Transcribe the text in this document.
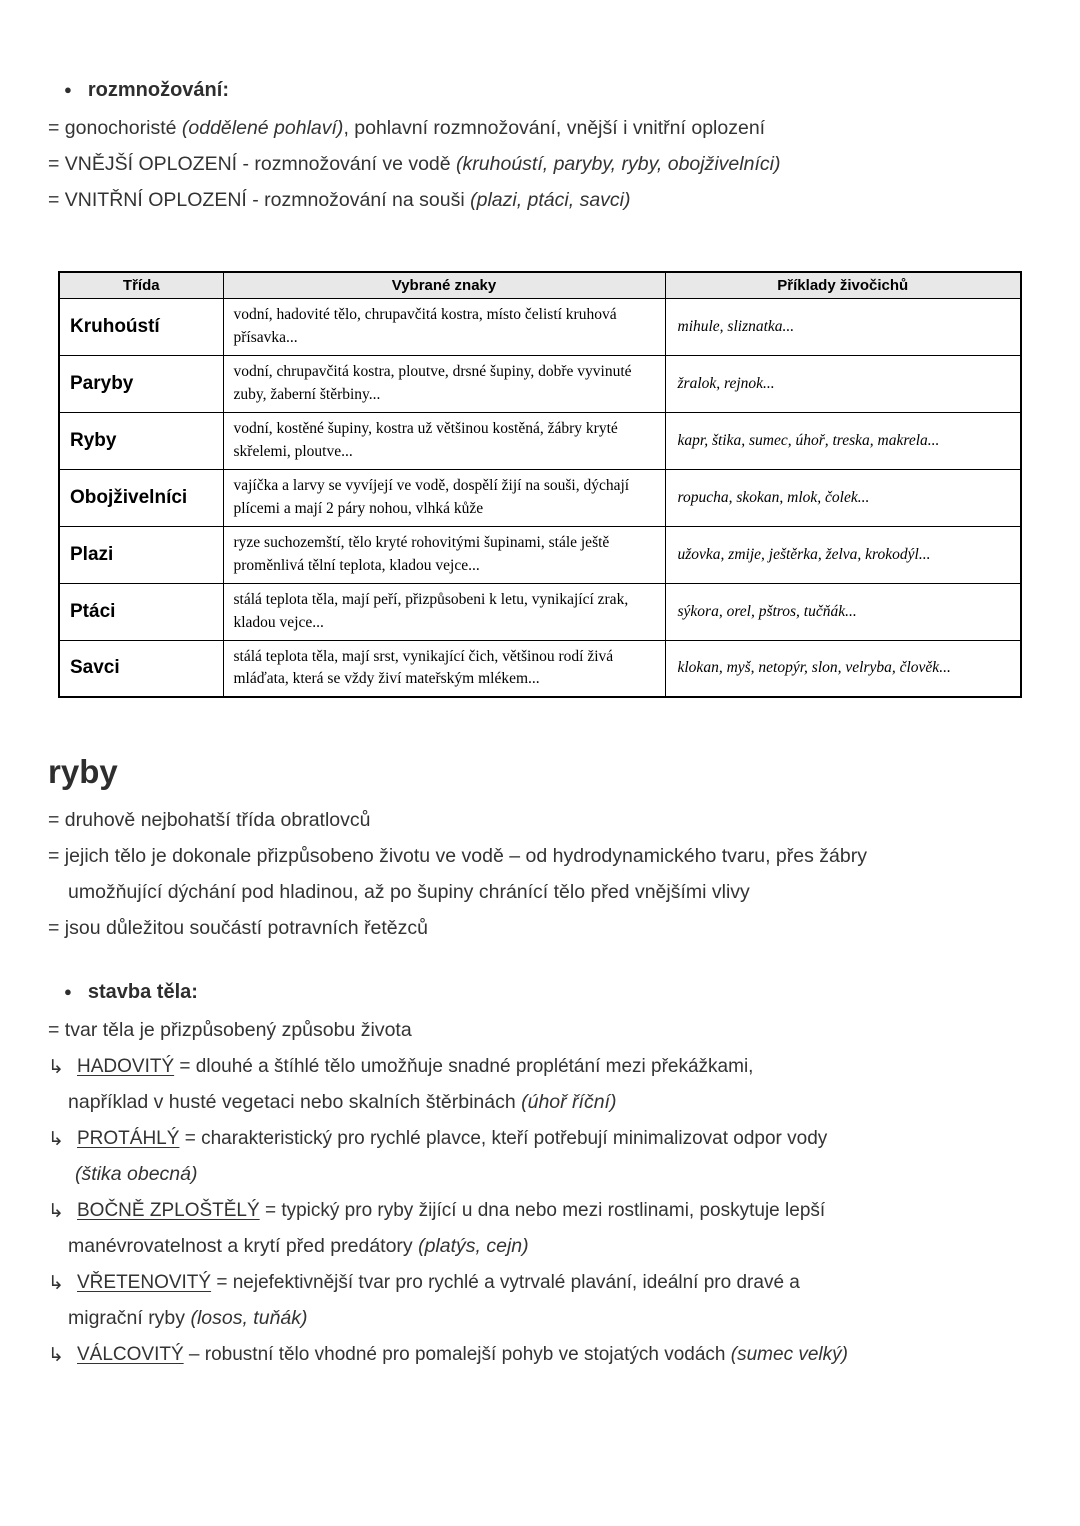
● rozmnožování:
= gonochoristé (oddělené pohlaví), pohlavní rozmnožování, vnější i vnitřní oplození
= VNĚJŠÍ OPLOZENÍ - rozmnožování ve vodě (kruhoústí, paryby, ryby, obojživelníci)
= VNITŘNÍ OPLOZENÍ - rozmnožování na souši (plazi, ptáci, savci)
Třída	Vybrané znaky	Příklady živočichů
Kruhoústí	vodní, hadovité tělo, chrupavčitá kostra, místo čelistí kruhová přísavka...	mihule, sliznatka...
Paryby	vodní, chrupavčitá kostra, ploutve, drsné šupiny, dobře vyvinuté zuby, žaberní štěrbiny...	žralok, rejnok...
Ryby	vodní, kostěné šupiny, kostra už většinou kostěná, žábry kryté skřelemi, ploutve...	kapr, štika, sumec, úhoř, treska, makrela...
Obojživelníci	vajíčka a larvy se vyvíjejí ve vodě, dospělí žijí na souši, dýchají plícemi a mají 2 páry nohou, vlhká kůže	ropucha, skokan, mlok, čolek...
Plazi	ryze suchozemští, tělo kryté rohovitými šupinami, stále ještě proměnlivá tělní teplota, kladou vejce...	užovka, zmije, ještěrka, želva, krokodýl...
Ptáci	stálá teplota těla, mají peří, přizpůsobeni k letu, vynikající zrak, kladou vejce...	sýkora, orel, pštros, tučňák...
Savci	stálá teplota těla, mají srst, vynikající čich, většinou rodí živá mláďata, která se vždy živí mateřským mlékem...	klokan, myš, netopýr, slon, velryba, člověk...
ryby
= druhově nejbohatší třída obratlovců
= jejich tělo je dokonale přizpůsobeno životu ve vodě – od hydrodynamického tvaru, přes žábry
umožňující dýchání pod hladinou, až po šupiny chránící tělo před vnějšími vlivy
= jsou důležitou součástí potravních řetězců
● stavba těla:
= tvar těla je přizpůsobený způsobu života
↳ HADOVITÝ = dlouhé a štíhlé tělo umožňuje snadné proplétání mezi překážkami,
například v husté vegetaci nebo skalních štěrbinách (úhoř říční)
↳ PROTÁHLÝ = charakteristický pro rychlé plavce, kteří potřebují minimalizovat odpor vody
(štika obecná)
↳ BOČNĚ ZPLOŠTĚLÝ = typický pro ryby žijící u dna nebo mezi rostlinami, poskytuje lepší
manévrovatelnost a krytí před predátory (platýs, cejn)
↳ VŘETENOVITÝ = nejefektivnější tvar pro rychlé a vytrvalé plavání, ideální pro dravé a
migrační ryby (losos, tuňák)
↳ VÁLCOVITÝ – robustní tělo vhodné pro pomalejší pohyb ve stojatých vodách (sumec velký)
